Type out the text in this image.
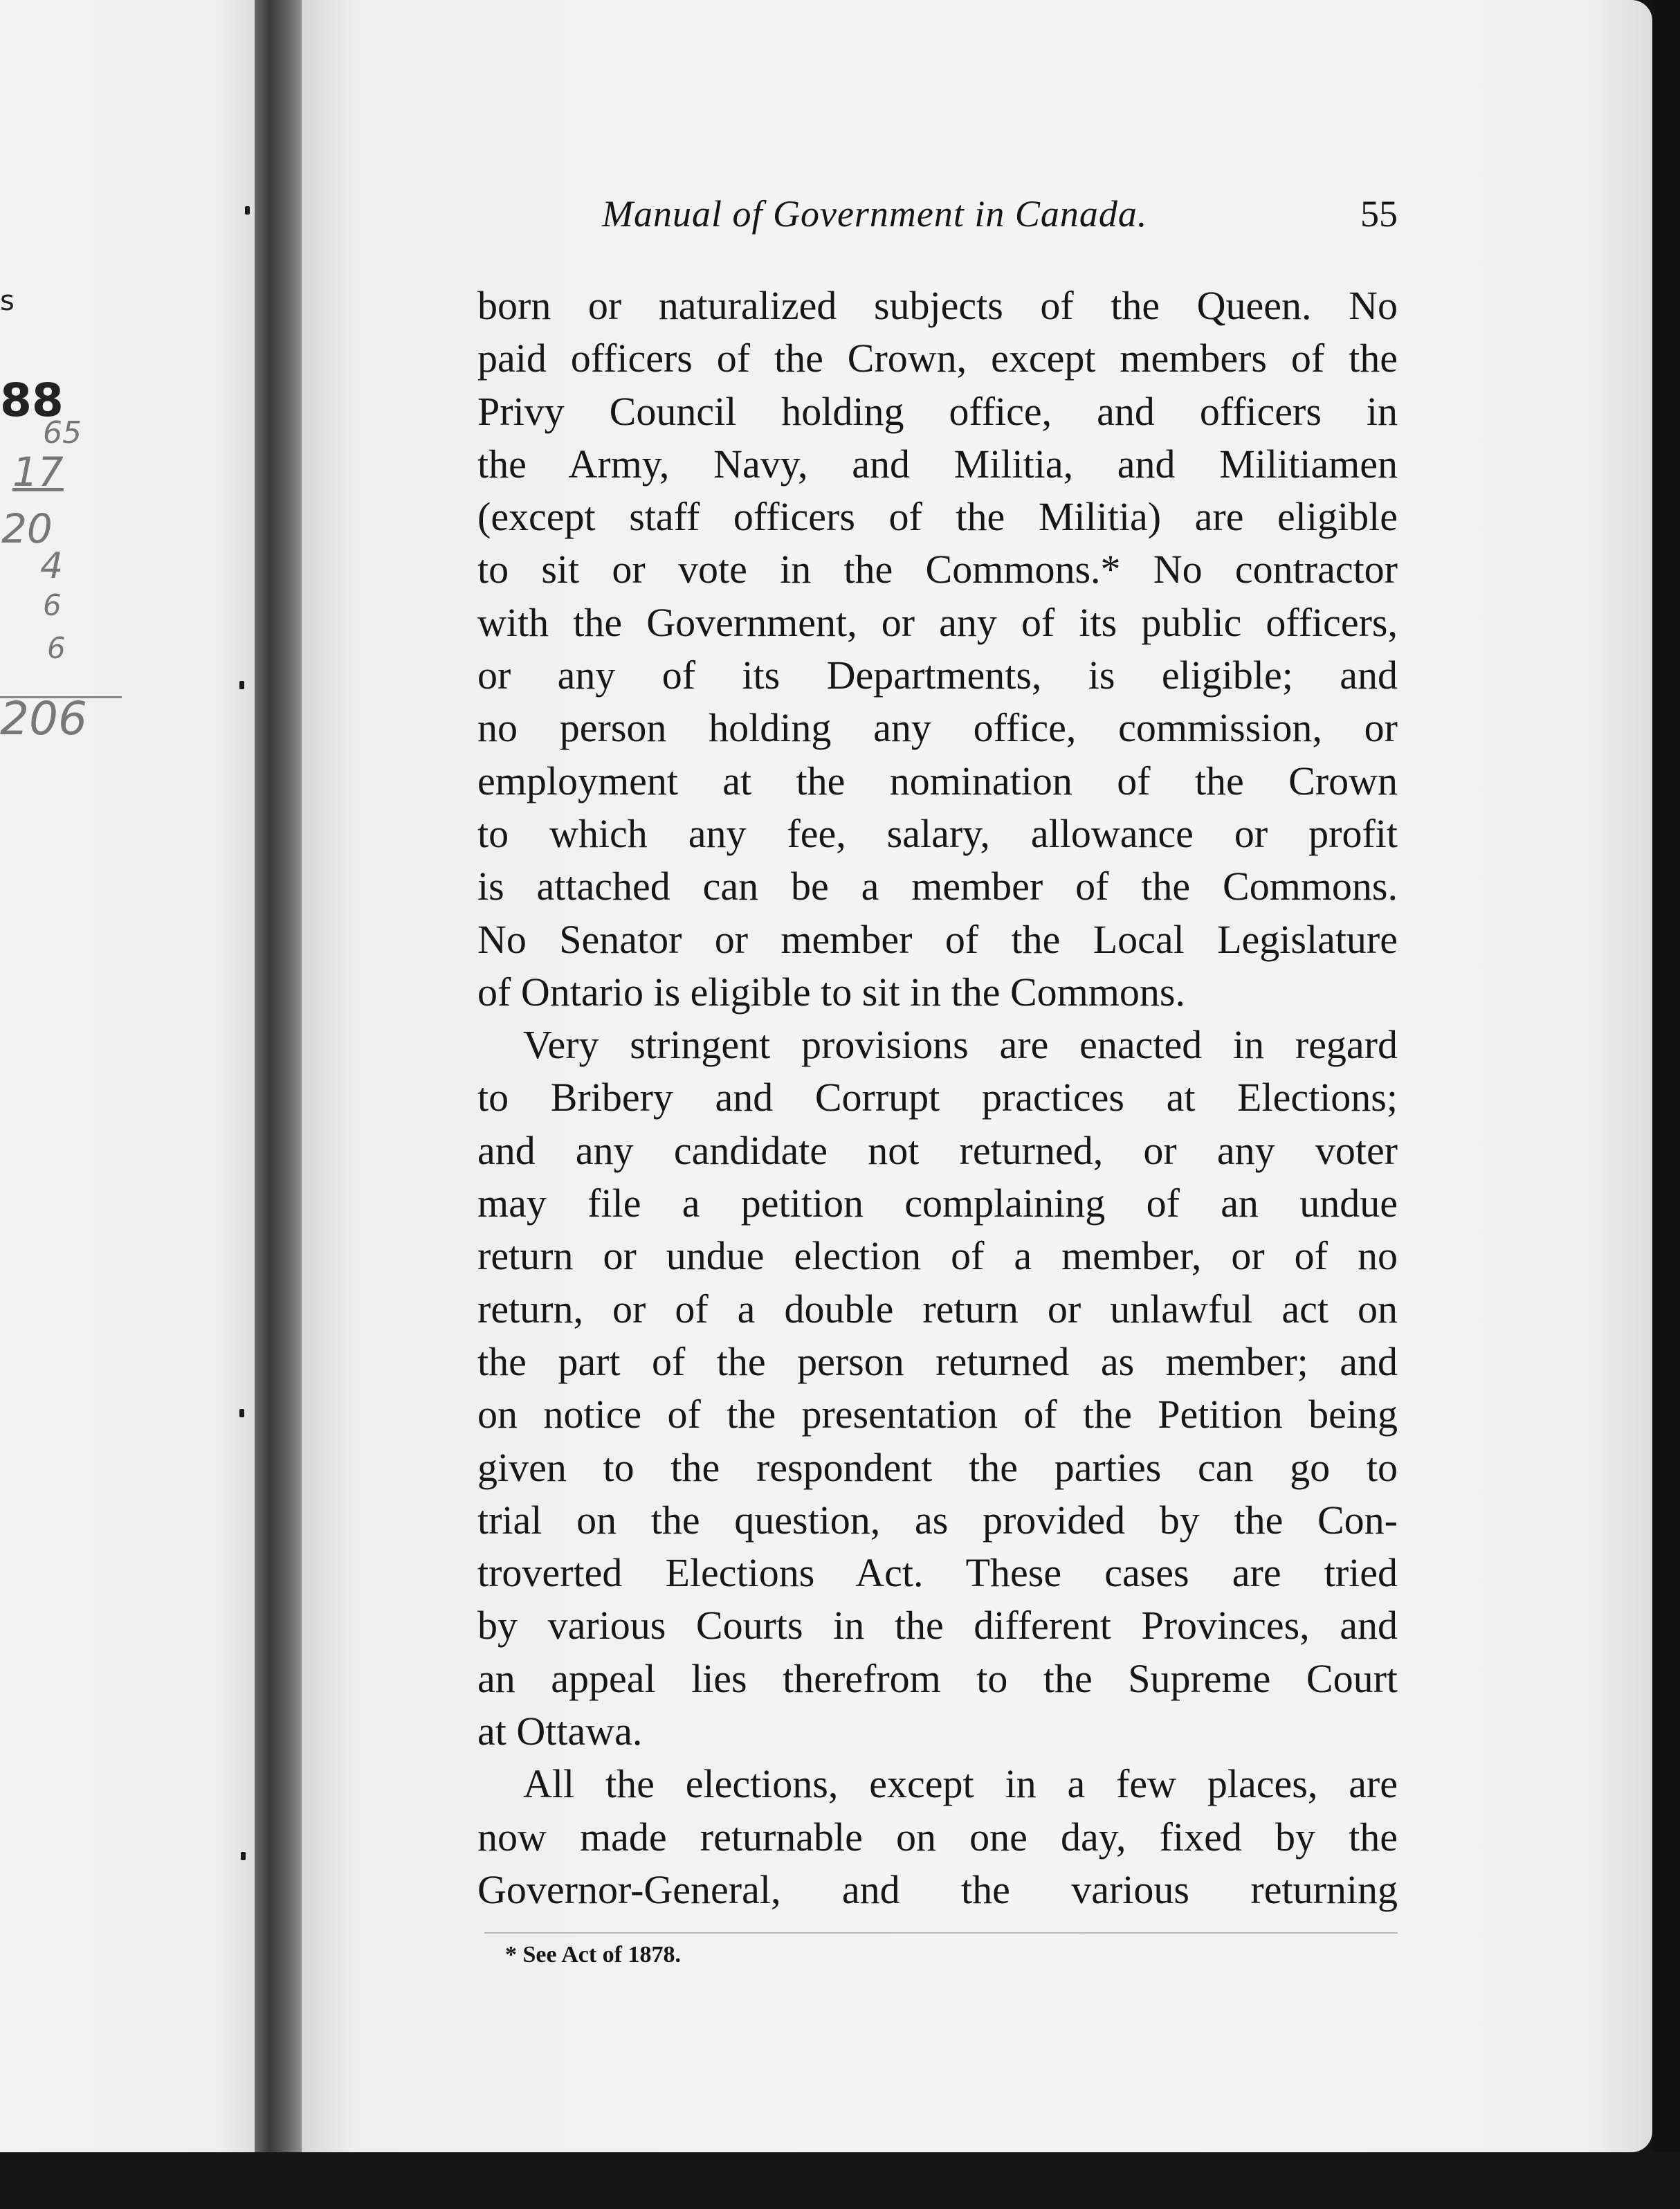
s
88
65
17
20
4
6
6
206
Manual of Government in Canada.	55
born or naturalized subjects of the Queen. No
paid officers of the Crown, except members of the
Privy Council holding office, and officers in
the Army, Navy, and Militia, and Militiamen
(except staff officers of the Militia) are eligible
to sit or vote in the Commons.* No contractor
with the Government, or any of its public officers,
or any of its Departments, is eligible; and
no person holding any office, commission, or
employment at the nomination of the Crown
to which any fee, salary, allowance or profit
is attached can be a member of the Commons.
No Senator or member of the Local Legislature
of Ontario is eligible to sit in the Commons.
Very stringent provisions are enacted in regard
to Bribery and Corrupt practices at Elections;
and any candidate not returned, or any voter
may file a petition complaining of an undue
return or undue election of a member, or of no
return, or of a double return or unlawful act on
the part of the person returned as member; and
on notice of the presentation of the Petition being
given to the respondent the parties can go to
trial on the question, as provided by the Con-
troverted Elections Act. These cases are tried
by various Courts in the different Provinces, and
an appeal lies therefrom to the Supreme Court
at Ottawa.
All the elections, except in a few places, are
now made returnable on one day, fixed by the
Governor-General, and the various returning
* See Act of 1878.
